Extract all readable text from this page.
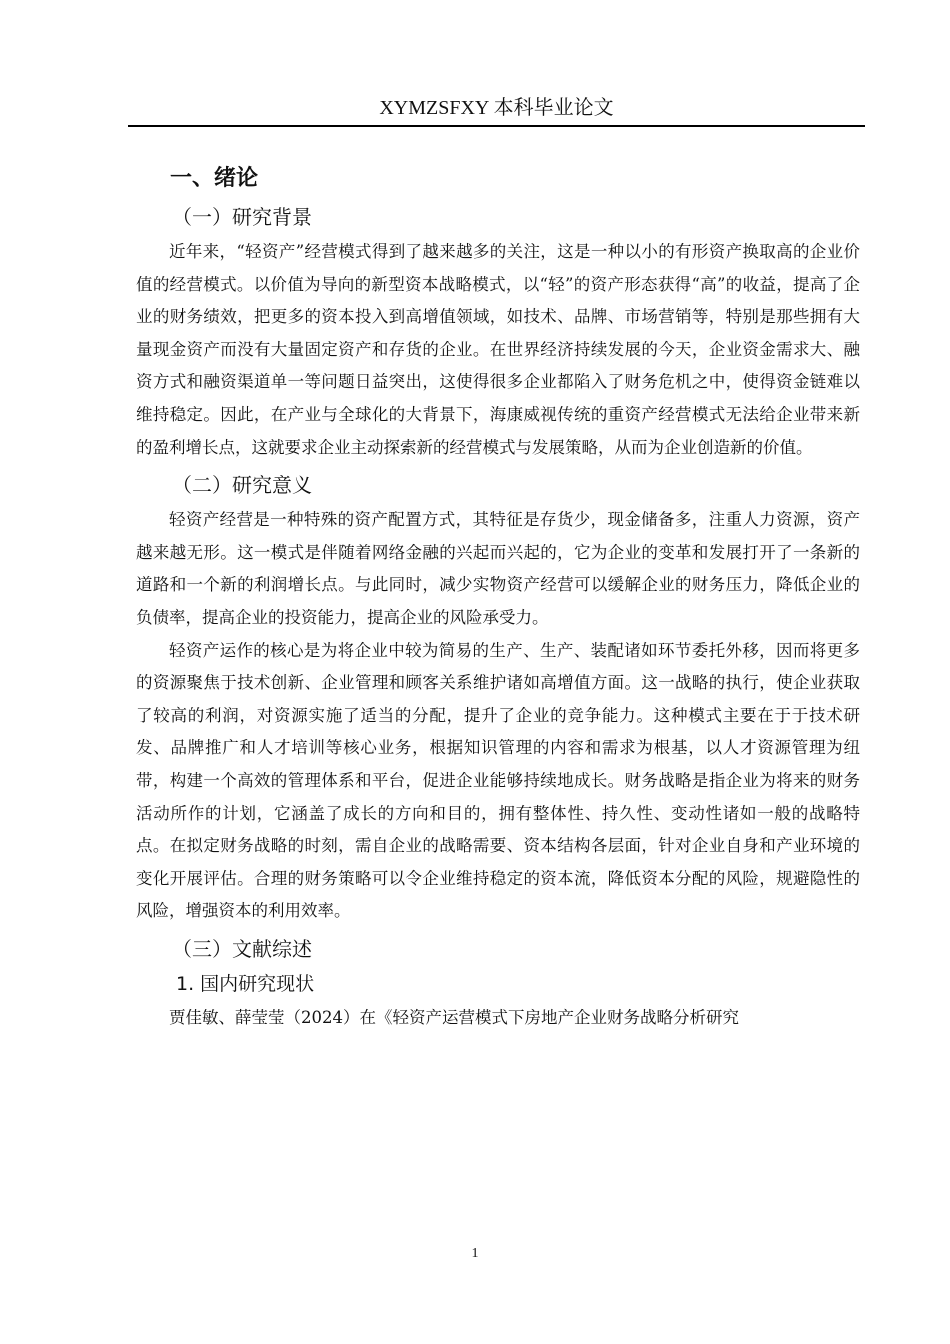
XYMZSFXY 本科毕业论文
一、绪论
（一）研究背景

近年来，“轻资产”经营模式得到了越来越多的关注，这是一种以小的有形资产换取高的企业价值的经营模式。以价值为导向的新型资本战略模式，以“轻”的资产形态获得“高”的收益，提高了企业的财务绩效，把更多的资本投入到高增值领域，如技术、品牌、市场营销等，特别是那些拥有大量现金资产而没有大量固定资产和存货的企业。在世界经济持续发展的今天，企业资金需求大、融资方式和融资渠道单一等问题日益突出，这使得很多企业都陷入了财务危机之中，使得资金链难以维持稳定。因此，在产业与全球化的大背景下，海康威视传统的重资产经营模式无法给企业带来新的盈利增长点，这就要求企业主动探索新的经营模式与发展策略，从而为企业创造新的价值。

（二）研究意义

轻资产经营是一种特殊的资产配置方式，其特征是存货少，现金储备多，注重人力资源，资产越来越无形。这一模式是伴随着网络金融的兴起而兴起的，它为企业的变革和发展打开了一条新的道路和一个新的利润增长点。与此同时，减少实物资产经营可以缓解企业的财务压力，降低企业的负债率，提高企业的投资能力，提高企业的风险承受力。

轻资产运作的核心是为将企业中较为简易的生产、生产、装配诸如环节委托外移，因而将更多的资源聚焦于技术创新、企业管理和顾客关系维护诸如高增值方面。这一战略的执行，使企业获取了较高的利润，对资源实施了适当的分配，提升了企业的竞争能力。这种模式主要在于于技术研发、品牌推广和人才培训等核心业务，根据知识管理的内容和需求为根基，以人才资源管理为纽带，构建一个高效的管理体系和平台，促进企业能够持续地成长。财务战略是指企业为将来的财务活动所作的计划，它涵盖了成长的方向和目的，拥有整体性、持久性、变动性诸如一般的战略特点。在拟定财务战略的时刻，需自企业的战略需要、资本结构各层面，针对企业自身和产业环境的变化开展评估。合理的财务策略可以令企业维持稳定的资本流，降低资本分配的风险，规避隐性的风险，增强资本的利用效率。

（三）文献综述
1. 国内研究现状

贾佳敏、薛莹莹（2024）在《轻资产运营模式下房地产企业财务战略分析研究

1
